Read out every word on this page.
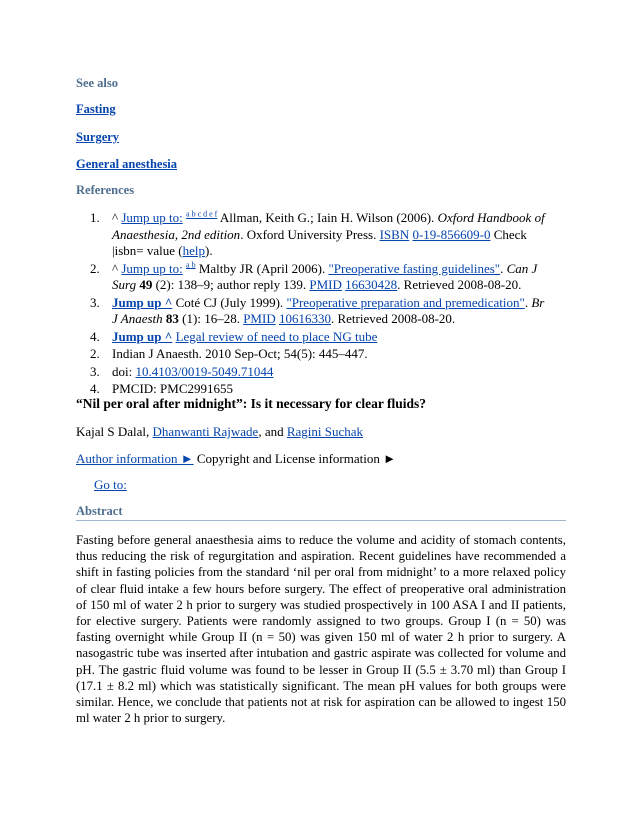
See also
Fasting
Surgery
General anesthesia
References
1. ^ Jump up to: $^{a b c d e f}$ Allman, Keith G.; Iain H. Wilson (2006). Oxford Handbook of Anaesthesia, 2nd edition. Oxford University Press. ISBN 0-19-856609-0 Check |isbn= value (help).
2. ^ Jump up to: $^{a b}$ Maltby JR (April 2006). "Preoperative fasting guidelines". Can J Surg 49 (2): 138–9; author reply 139. PMID 16630428. Retrieved 2008-08-20.
3. Jump up ^ Coté CJ (July 1999). "Preoperative preparation and premedication". Br J Anaesth 83 (1): 16–28. PMID 10616330. Retrieved 2008-08-20.
4. Jump up ^ Legal review of need to place NG tube
2. Indian J Anaesth. 2010 Sep-Oct; 54(5): 445–447.
3. doi: 10.4103/0019-5049.71044
4. PMCID: PMC2991655
“Nil per oral after midnight”: Is it necessary for clear fluids?
Kajal S Dalal, Dhanwanti Rajwade, and Ragini Suchak
Author information ► Copyright and License information ►
Go to:
Abstract
Fasting before general anaesthesia aims to reduce the volume and acidity of stomach contents, thus reducing the risk of regurgitation and aspiration. Recent guidelines have recommended a shift in fasting policies from the standard ‘nil per oral from midnight’ to a more relaxed policy of clear fluid intake a few hours before surgery. The effect of preoperative oral administration of 150 ml of water 2 h prior to surgery was studied prospectively in 100 ASA I and II patients, for elective surgery. Patients were randomly assigned to two groups. Group I (n = 50) was fasting overnight while Group II (n = 50) was given 150 ml of water 2 h prior to surgery. A nasogastric tube was inserted after intubation and gastric aspirate was collected for volume and pH. The gastric fluid volume was found to be lesser in Group II (5.5 ± 3.70 ml) than Group I (17.1 ± 8.2 ml) which was statistically significant. The mean pH values for both groups were similar. Hence, we conclude that patients not at risk for aspiration can be allowed to ingest 150 ml water 2 h prior to surgery.
